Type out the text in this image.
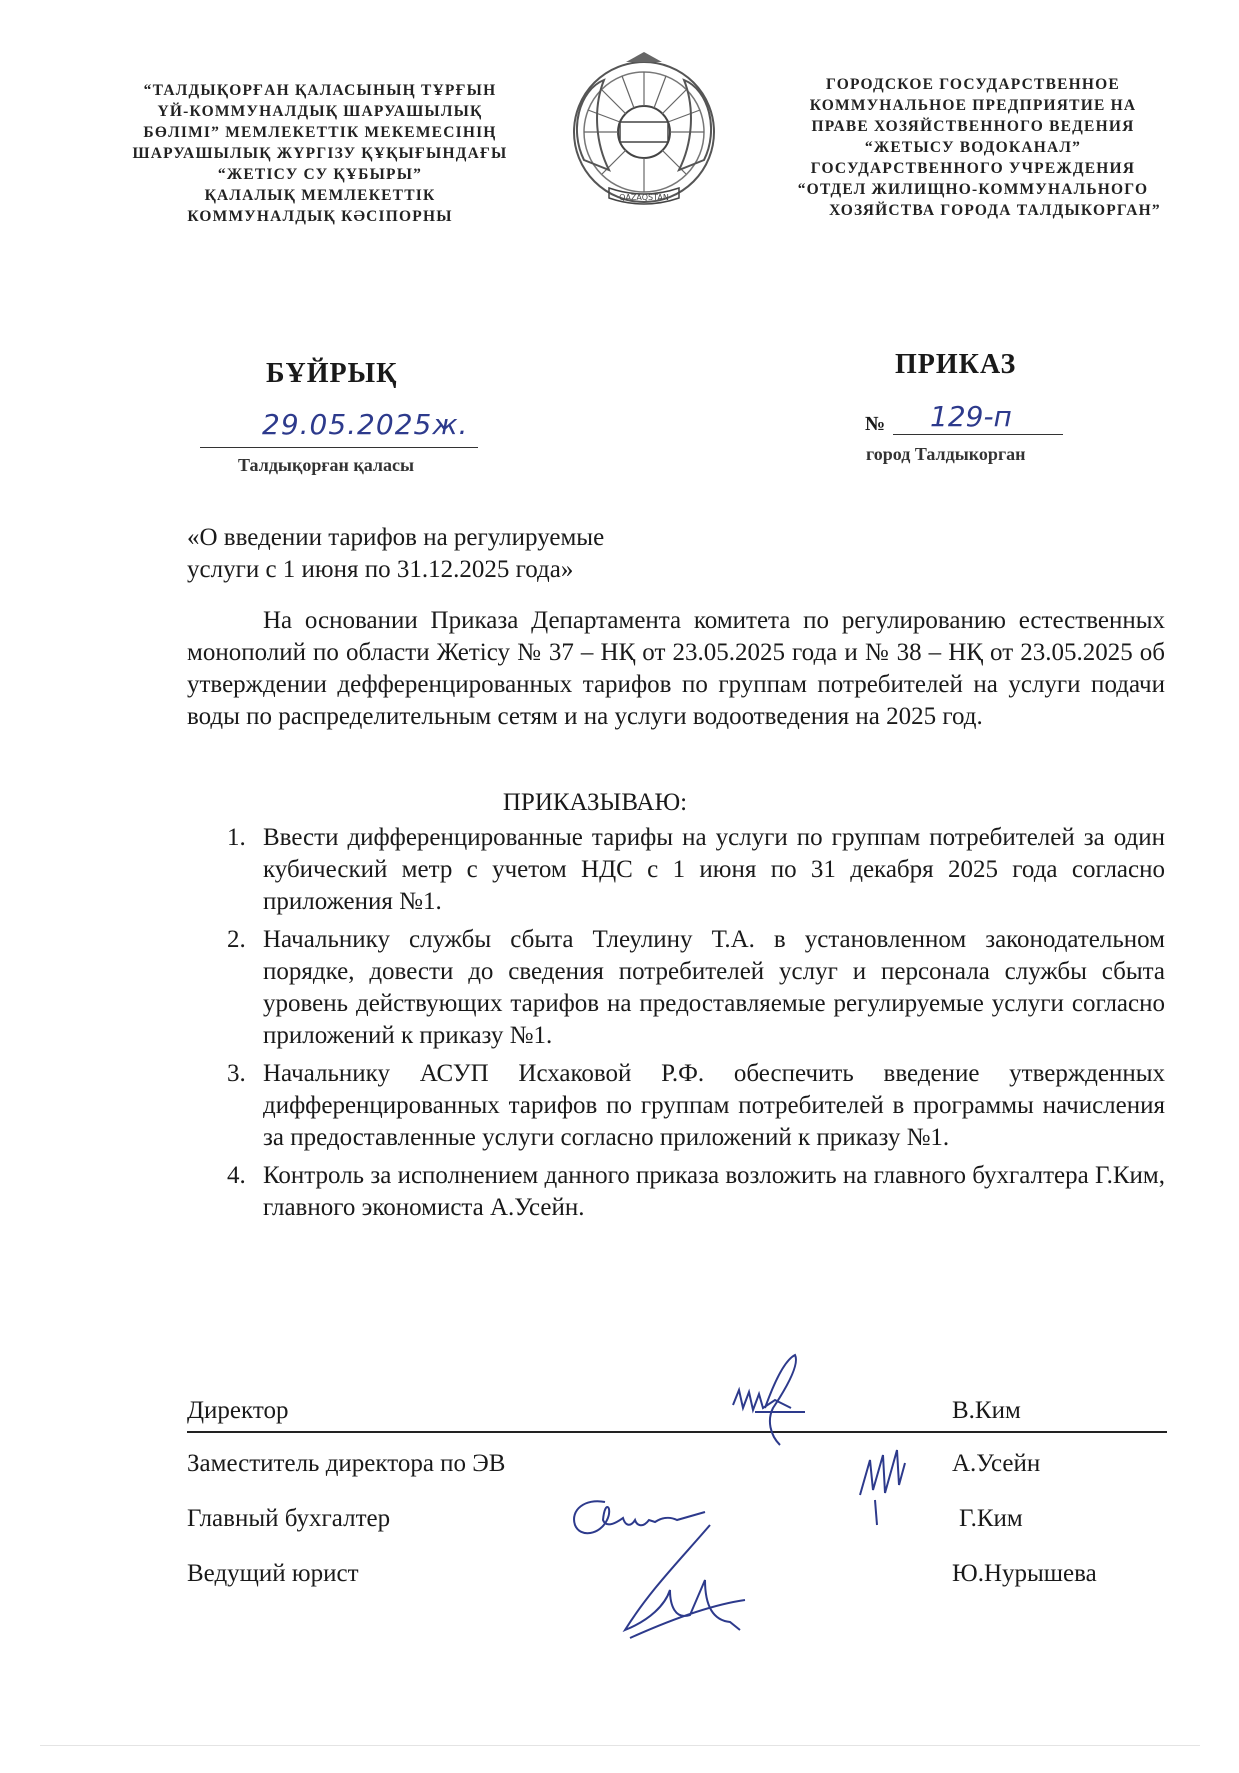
“ТАЛДЫҚОРҒАН ҚАЛАСЫНЫҢ ТҰРҒЫН
ҮЙ-КОММУНАЛДЫҚ ШАРУАШЫЛЫҚ
БӨЛІМІ” МЕМЛЕКЕТТІК МЕКЕМЕСІНІҢ
ШАРУАШЫЛЫҚ ЖҮРГІЗУ ҚҰҚЫҒЫНДАҒЫ
“ЖЕТІСУ СУ ҚҰБЫРЫ”
ҚАЛАЛЫҚ МЕМЛЕКЕТТІК
КОММУНАЛДЫҚ КӘСІПОРНЫ
QAZAQSTAN
ГОРОДСКОЕ ГОСУДАРСТВЕННОЕ
КОММУНАЛЬНОЕ ПРЕДПРИЯТИЕ НА
ПРАВЕ ХОЗЯЙСТВЕННОГО ВЕДЕНИЯ
“ЖЕТЫСУ ВОДОКАНАЛ”
ГОСУДАРСТВЕННОГО УЧРЕЖДЕНИЯ
“ОТДЕЛ ЖИЛИЩНО-КОММУНАЛЬНОГО
ХОЗЯЙСТВА ГОРОДА ТАЛДЫКОРГАН”
БҰЙРЫҚ	ПРИКАЗ
29.05.2025ж.	№ 129-п
Талдықорған қаласы
город Талдыкорган
«О введении тарифов на регулируемые
услуги с 1 июня по 31.12.2025 года»
На основании Приказа Департамента комитета по регулированию естественных монополий по области Жетісу № 37 – НҚ от 23.05.2025 года и № 38 – НҚ от 23.05.2025 об утверждении дефференцированных тарифов по группам потребителей на услуги подачи воды по распределительным сетям и на услуги водоотведения на 2025 год.
ПРИКАЗЫВАЮ:
1. Ввести дифференцированные тарифы на услуги по группам потребителей за один кубический метр с учетом НДС с 1 июня по 31 декабря 2025 года согласно приложения №1.
2. Начальнику службы сбыта Тлеулину Т.А. в установленном законодательном порядке, довести до сведения потребителей услуг и персонала службы сбыта уровень действующих тарифов на предоставляемые регулируемые услуги согласно приложений к приказу №1.
3. Начальнику АСУП Исхаковой Р.Ф. обеспечить введение утвержденных дифференцированных тарифов по группам потребителей в программы начисления за предоставленные услуги согласно приложений к приказу №1.
4. Контроль за исполнением данного приказа возложить на главного бухгалтера Г.Ким, главного экономиста А.Усейн.
Директор	В.Ким
Заместитель директора по ЭВ	А.Усейн
Главный бухгалтер	Г.Ким
Ведущий юрист	Ю.Нурышева
